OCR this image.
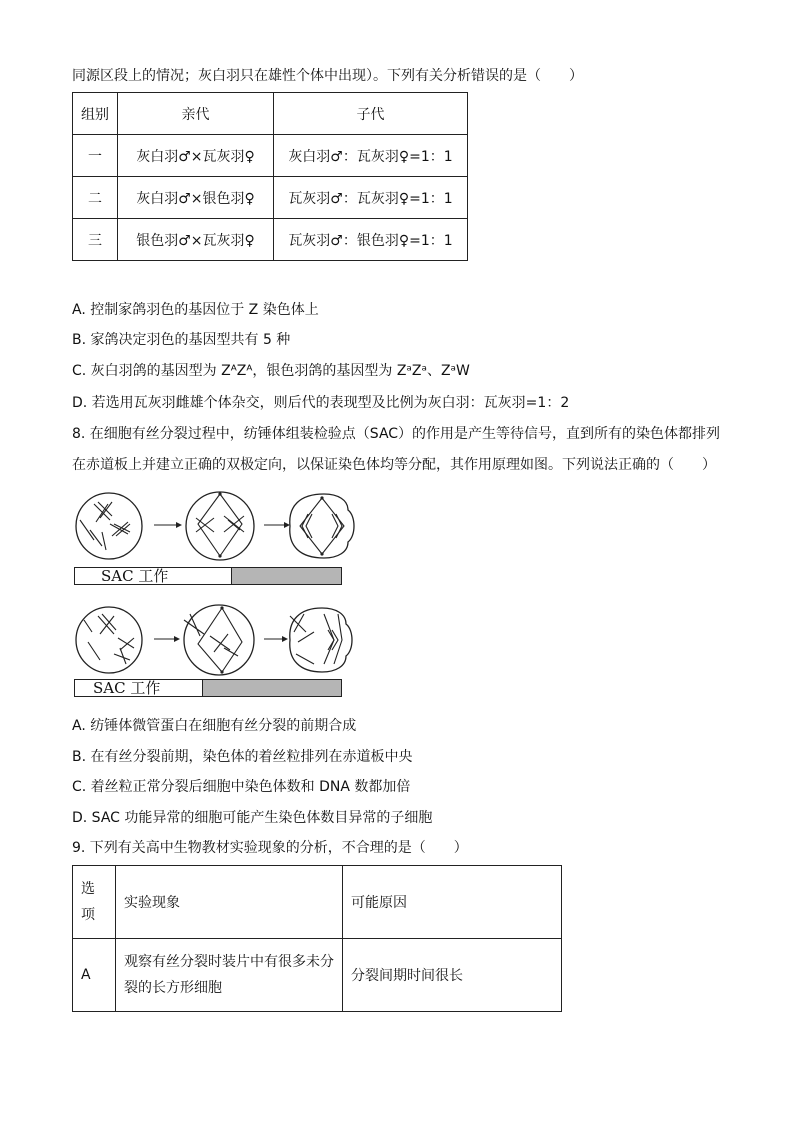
同源区段上的情况；灰白羽只在雄性个体中出现）。下列有关分析错误的是（　　）
组别	亲代	子代
一	灰白羽♂×瓦灰羽♀	灰白羽♂：瓦灰羽♀=1：1
二	灰白羽♂×银色羽♀	瓦灰羽♂：瓦灰羽♀=1：1
三	银色羽♂×瓦灰羽♀	瓦灰羽♂：银色羽♀=1：1
A. 控制家鸽羽色的基因位于 Z 染色体上
B. 家鸽决定羽色的基因型共有 5 种
C. 灰白羽鸽的基因型为 ZᴬZᴬ，银色羽鸽的基因型为 ZᵃZᵃ、ZᵃW
D. 若选用瓦灰羽雌雄个体杂交，则后代的表现型及比例为灰白羽：瓦灰羽=1：2
8. 在细胞有丝分裂过程中，纺锤体组装检验点（SAC）的作用是产生等待信号，直到所有的染色体都排列
在赤道板上并建立正确的双极定向，以保证染色体均等分配，其作用原理如图。下列说法正确的（　　）
SAC 工作
SAC 工作
A. 纺锤体微管蛋白在细胞有丝分裂的前期合成
B. 在有丝分裂前期，染色体的着丝粒排列在赤道板中央
C. 着丝粒正常分裂后细胞中染色体数和 DNA 数都加倍
D. SAC 功能异常的细胞可能产生染色体数目异常的子细胞
9. 下列有关高中生物教材实验现象的分析，不合理的是（　　）
选
项	实验现象	可能原因
A	观察有丝分裂时装片中有很多未分
裂的长方形细胞	分裂间期时间很长
